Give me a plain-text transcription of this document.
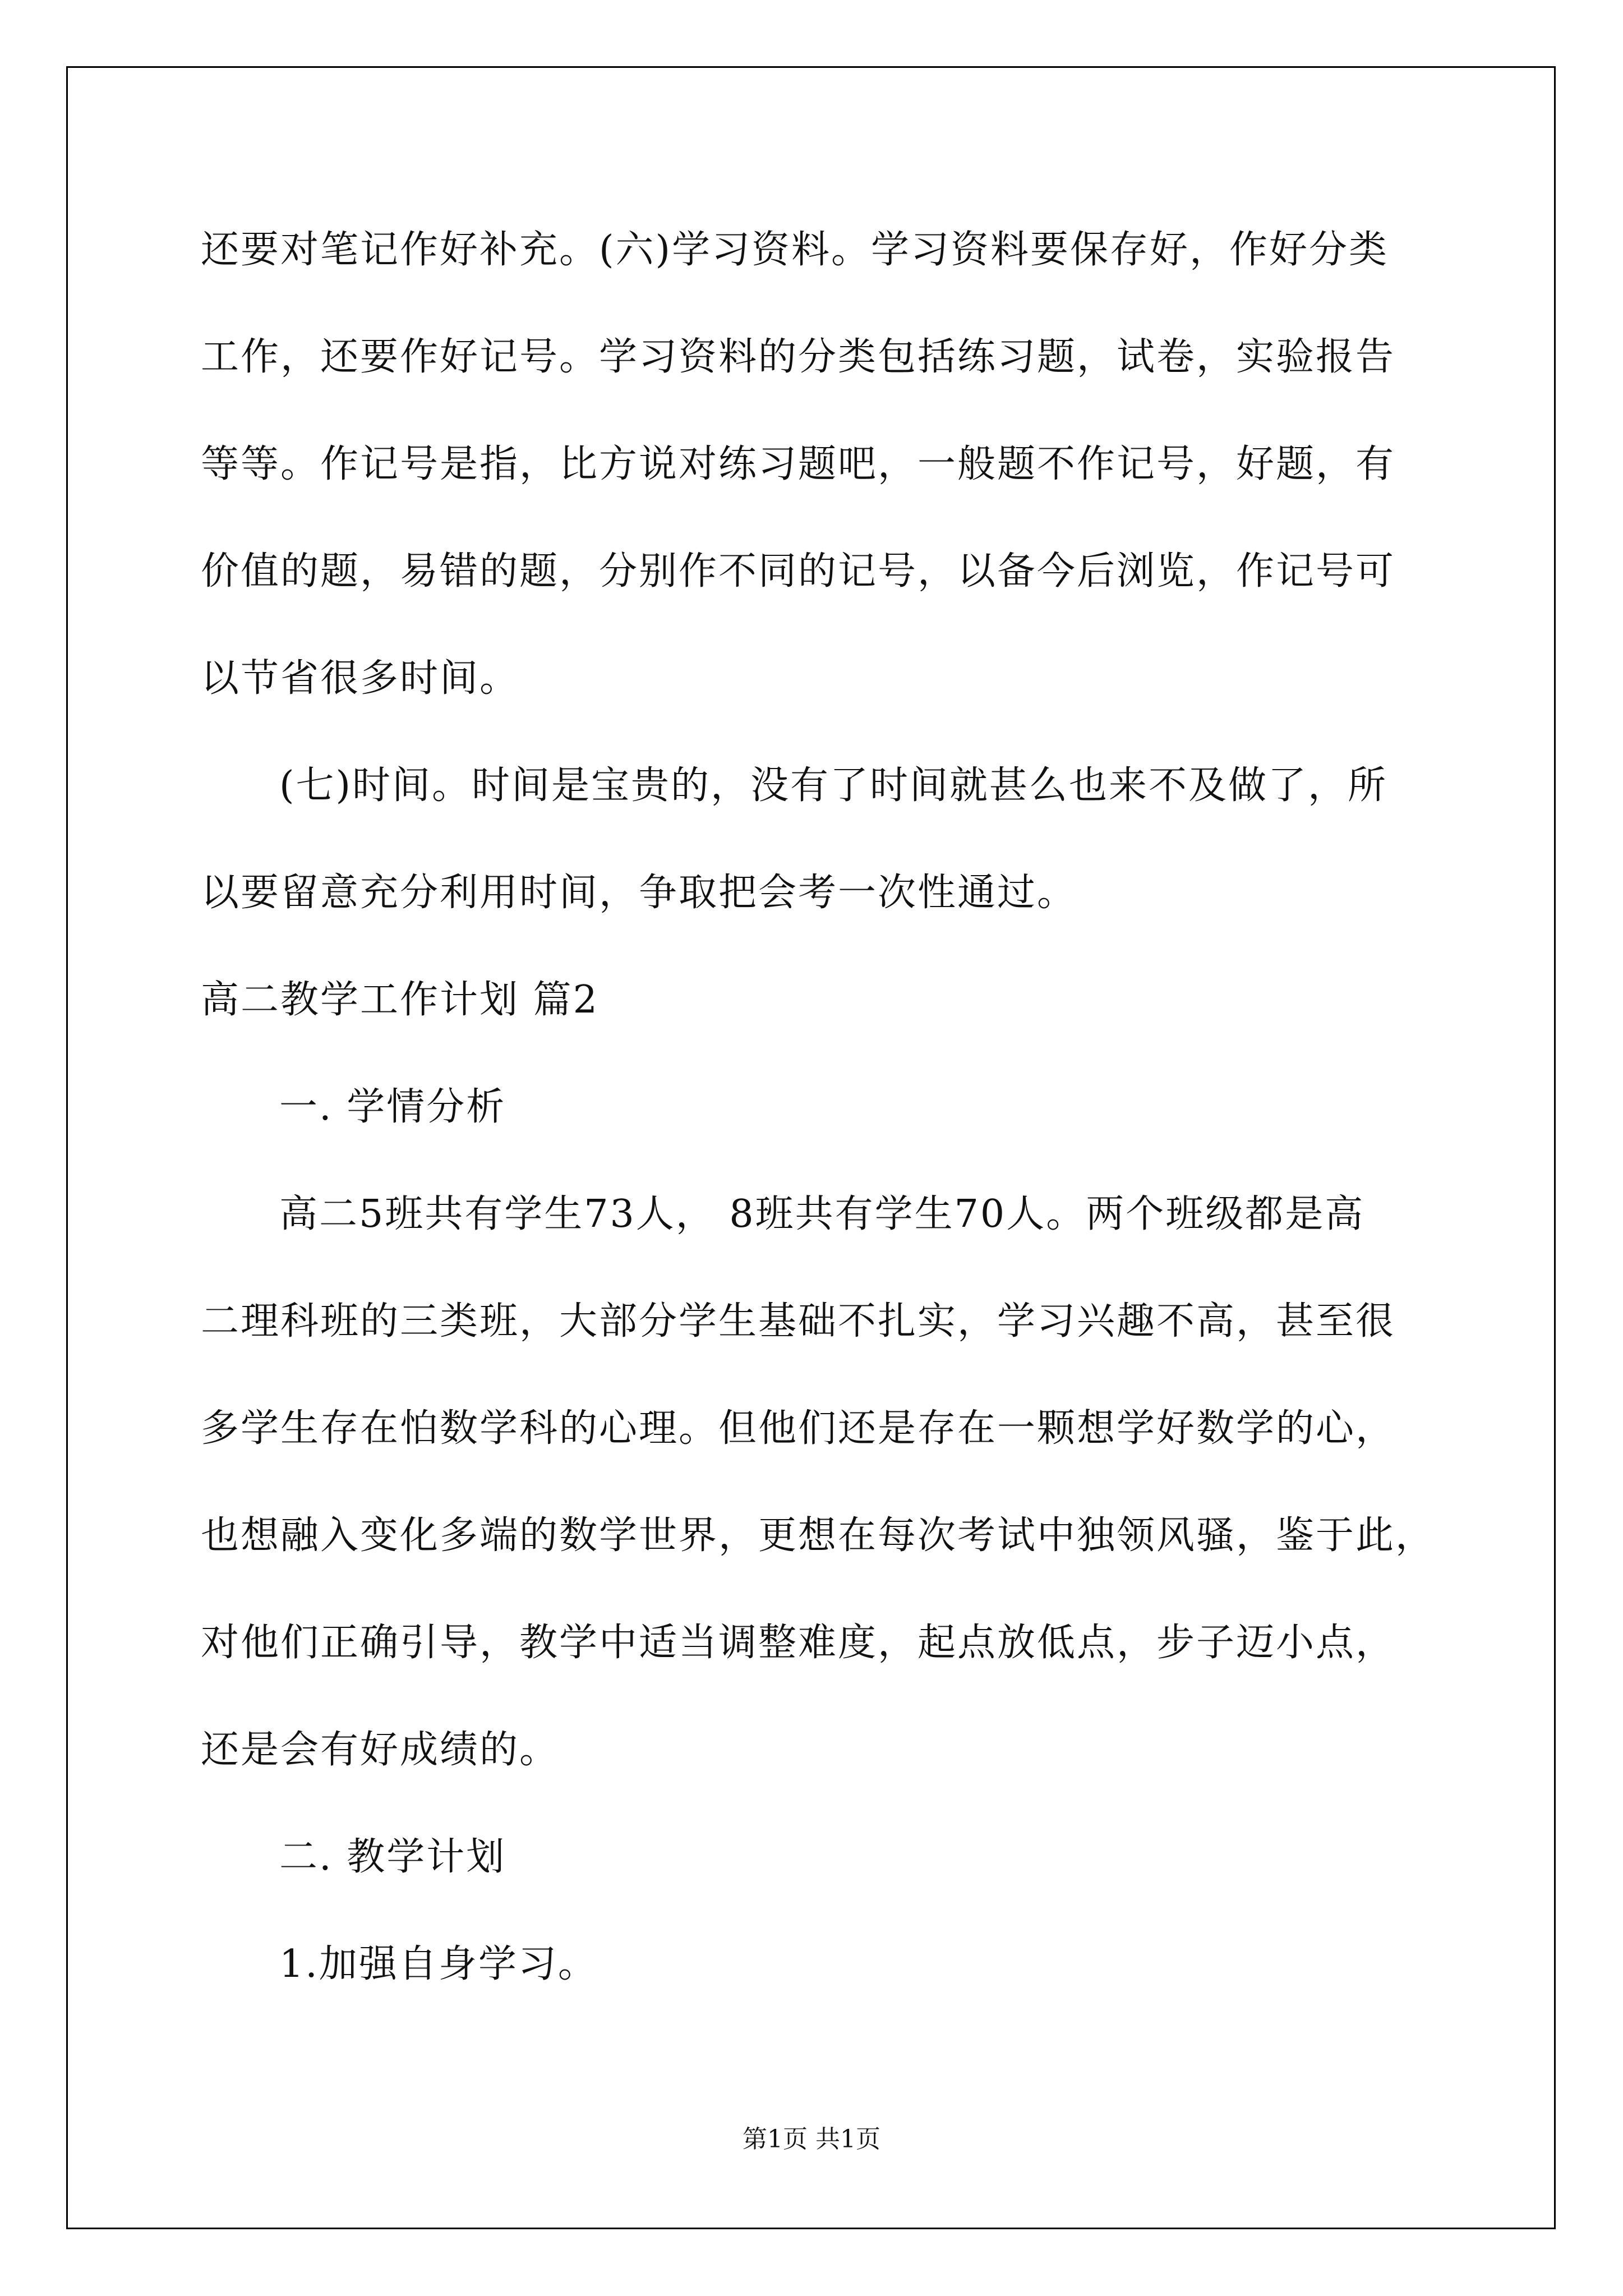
还要对笔记作好补充。(六)学习资料。学习资料要保存好，作好分类
工作，还要作好记号。学习资料的分类包括练习题，试卷，实验报告
等等。作记号是指，比方说对练习题吧，一般题不作记号，好题，有
价值的题，易错的题，分别作不同的记号，以备今后浏览，作记号可
以节省很多时间。
(七)时间。时间是宝贵的，没有了时间就甚么也来不及做了，所
以要留意充分利用时间，争取把会考一次性通过。
高二教学工作计划 篇2
一. 学情分析
高二5班共有学生73人， 8班共有学生70人。两个班级都是高
二理科班的三类班，大部分学生基础不扎实，学习兴趣不高，甚至很
多学生存在怕数学科的心理。但他们还是存在一颗想学好数学的心，
也想融入变化多端的数学世界，更想在每次考试中独领风骚，鉴于此，
对他们正确引导，教学中适当调整难度，起点放低点，步子迈小点，
还是会有好成绩的。
二. 教学计划
1.加强自身学习。
第1页 共1页
